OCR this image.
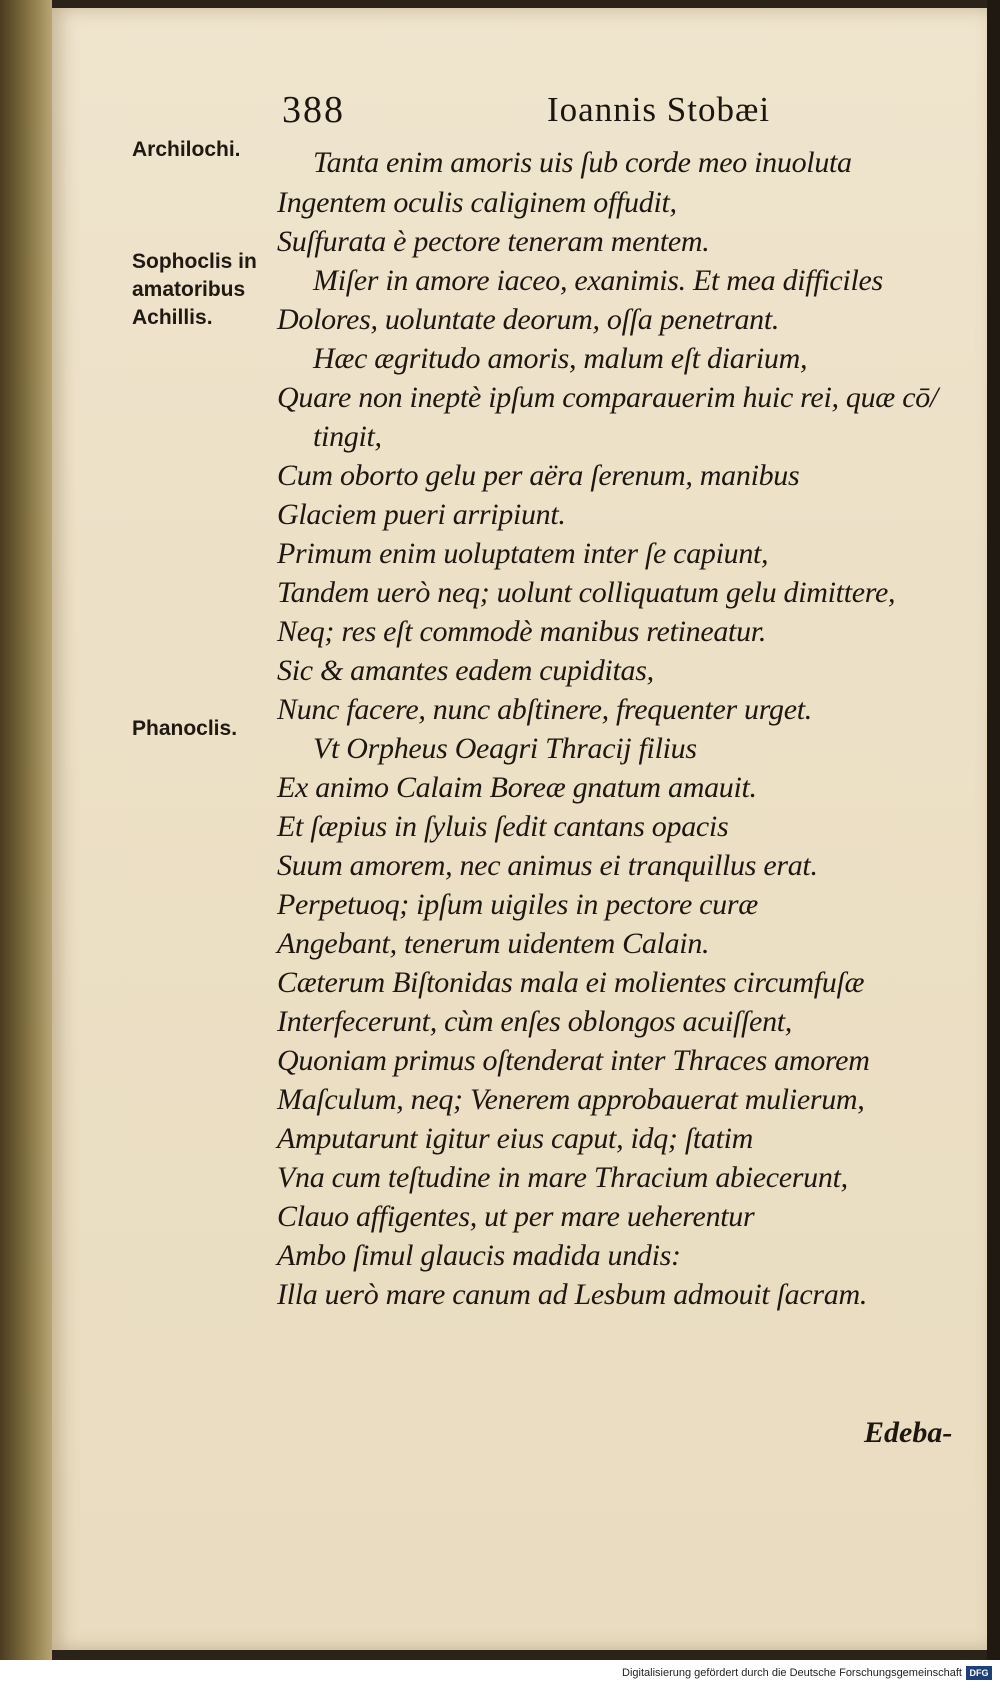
388	Ioannis Stobæi
Archilochi.
Sophoclis in amatoribus Achillis.
Phanoclis.
Tanta enim amoris uis ſub corde meo inuoluta
Ingentem oculis caliginem offudit,
Suſfurata è pectore teneram mentem.
Miſer in amore iaceo, exanimis. Et mea difficiles
Dolores, uoluntate deorum, oſſa penetrant.
Hæc ægritudo amoris, malum eſt diarium,
Quare non ineptè ipſum comparauerim huic rei, quæ cō/
tingit,
Cum oborto gelu per aëra ſerenum, manibus
Glaciem pueri arripiunt.
Primum enim uoluptatem inter ſe capiunt,
Tandem uerò neq; uolunt colliquatum gelu dimittere,
Neq; res eſt commodè manibus retineatur.
Sic & amantes eadem cupiditas,
Nunc facere, nunc abſtinere, frequenter urget.
Vt Orpheus Oeagri Thracij filius
Ex animo Calaim Boreæ gnatum amauit.
Et ſæpius in ſyluis ſedit cantans opacis
Suum amorem, nec animus ei tranquillus erat.
Perpetuoq; ipſum uigiles in pectore curæ
Angebant, tenerum uidentem Calain.
Cæterum Biſtonidas mala ei molientes circumfuſæ
Interfecerunt, cùm enſes oblongos acuiſſent,
Quoniam primus oſtenderat inter Thraces amorem
Maſculum, neq; Venerem approbauerat mulierum,
Amputarunt igitur eius caput, idq; ſtatim
Vna cum teſtudine in mare Thracium abiecerunt,
Clauo affigentes, ut per mare ueherentur
Ambo ſimul glaucis madida undis:
Illa uerò mare canum ad Lesbum admouit ſacram.
Edeba-
Digitalisierung gefördert durch die Deutsche Forschungsgemeinschaft DFG
